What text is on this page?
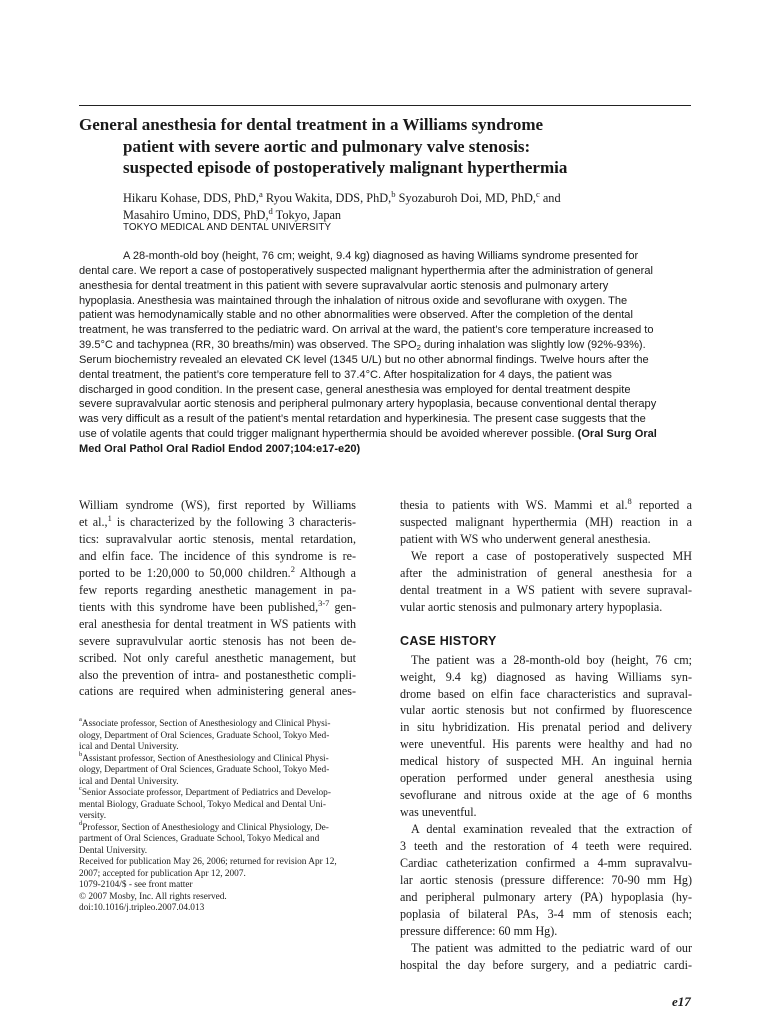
General anesthesia for dental treatment in a Williams syndrome
patient with severe aortic and pulmonary valve stenosis:
suspected episode of postoperatively malignant hyperthermia
Hikaru Kohase, DDS, PhD,$^a$ Ryou Wakita, DDS, PhD,$^b$ Syozaburoh Doi, MD, PhD,$^c$ and
Masahiro Umino, DDS, PhD,$^d$ Tokyo, Japan
TOKYO MEDICAL AND DENTAL UNIVERSITY
A 28-month-old boy (height, 76 cm; weight, 9.4 kg) diagnosed as having Williams syndrome presented for
dental care. We report a case of postoperatively suspected malignant hyperthermia after the administration of general
anesthesia for dental treatment in this patient with severe supravalvular aortic stenosis and pulmonary artery
hypoplasia. Anesthesia was maintained through the inhalation of nitrous oxide and sevoflurane with oxygen. The
patient was hemodynamically stable and no other abnormalities were observed. After the completion of the dental
treatment, he was transferred to the pediatric ward. On arrival at the ward, the patient’s core temperature increased to
39.5°C and tachypnea (RR, 30 breaths/min) was observed. The $SPO_2$ during inhalation was slightly low (92%-93%).
Serum biochemistry revealed an elevated CK level (1345 U/L) but no other abnormal findings. Twelve hours after the
dental treatment, the patient’s core temperature fell to 37.4°C. After hospitalization for 4 days, the patient was
discharged in good condition. In the present case, general anesthesia was employed for dental treatment despite
severe supravalvular aortic stenosis and peripheral pulmonary artery hypoplasia, because conventional dental therapy
was very difficult as a result of the patient’s mental retardation and hyperkinesia. The present case suggests that the
use of volatile agents that could trigger malignant hyperthermia should be avoided wherever possible. (Oral Surg Oral
Med Oral Pathol Oral Radiol Endod 2007;104:e17-e20)
William syndrome (WS), first reported by Williams
et al.,$^1$ is characterized by the following 3 characteris-
tics: supravalvular aortic stenosis, mental retardation,
and elfin face. The incidence of this syndrome is re-
ported to be 1:20,000 to 50,000 children.$^2$ Although a
few reports regarding anesthetic management in pa-
tients with this syndrome have been published,$^{3-7}$ gen-
eral anesthesia for dental treatment in WS patients with
severe supravulvular aortic stenosis has not been de-
scribed. Not only careful anesthetic management, but
also the prevention of intra- and postanesthetic compli-
cations are required when administering general anes-
$^a$Associate professor, Section of Anesthesiology and Clinical Physi-
ology, Department of Oral Sciences, Graduate School, Tokyo Med-
ical and Dental University.
$^b$Assistant professor, Section of Anesthesiology and Clinical Physi-
ology, Department of Oral Sciences, Graduate School, Tokyo Med-
ical and Dental University.
$^c$Senior Associate professor, Department of Pediatrics and Develop-
mental Biology, Graduate School, Tokyo Medical and Dental Uni-
versity.
$^d$Professor, Section of Anesthesiology and Clinical Physiology, De-
partment of Oral Sciences, Graduate School, Tokyo Medical and
Dental University.
Received for publication May 26, 2006; returned for revision Apr 12,
2007; accepted for publication Apr 12, 2007.
1079-2104/$ - see front matter
© 2007 Mosby, Inc. All rights reserved.
doi:10.1016/j.tripleo.2007.04.013
thesia to patients with WS. Mammi et al.$^8$ reported a
suspected malignant hyperthermia (MH) reaction in a
patient with WS who underwent general anesthesia.
We report a case of postoperatively suspected MH
after the administration of general anesthesia for a
dental treatment in a WS patient with severe supraval-
vular aortic stenosis and pulmonary artery hypoplasia.
CASE HISTORY
The patient was a 28-month-old boy (height, 76 cm;
weight, 9.4 kg) diagnosed as having Williams syn-
drome based on elfin face characteristics and supraval-
vular aortic stenosis but not confirmed by fluorescence
in situ hybridization. His prenatal period and delivery
were uneventful. His parents were healthy and had no
medical history of suspected MH. An inguinal hernia
operation performed under general anesthesia using
sevoflurane and nitrous oxide at the age of 6 months
was uneventful.
A dental examination revealed that the extraction of
3 teeth and the restoration of 4 teeth were required.
Cardiac catheterization confirmed a 4-mm supravalvu-
lar aortic stenosis (pressure difference: 70-90 mm Hg)
and peripheral pulmonary artery (PA) hypoplasia (hy-
poplasia of bilateral PAs, 3-4 mm of stenosis each;
pressure difference: 60 mm Hg).
The patient was admitted to the pediatric ward of our
hospital the day before surgery, and a pediatric cardi-
e17
